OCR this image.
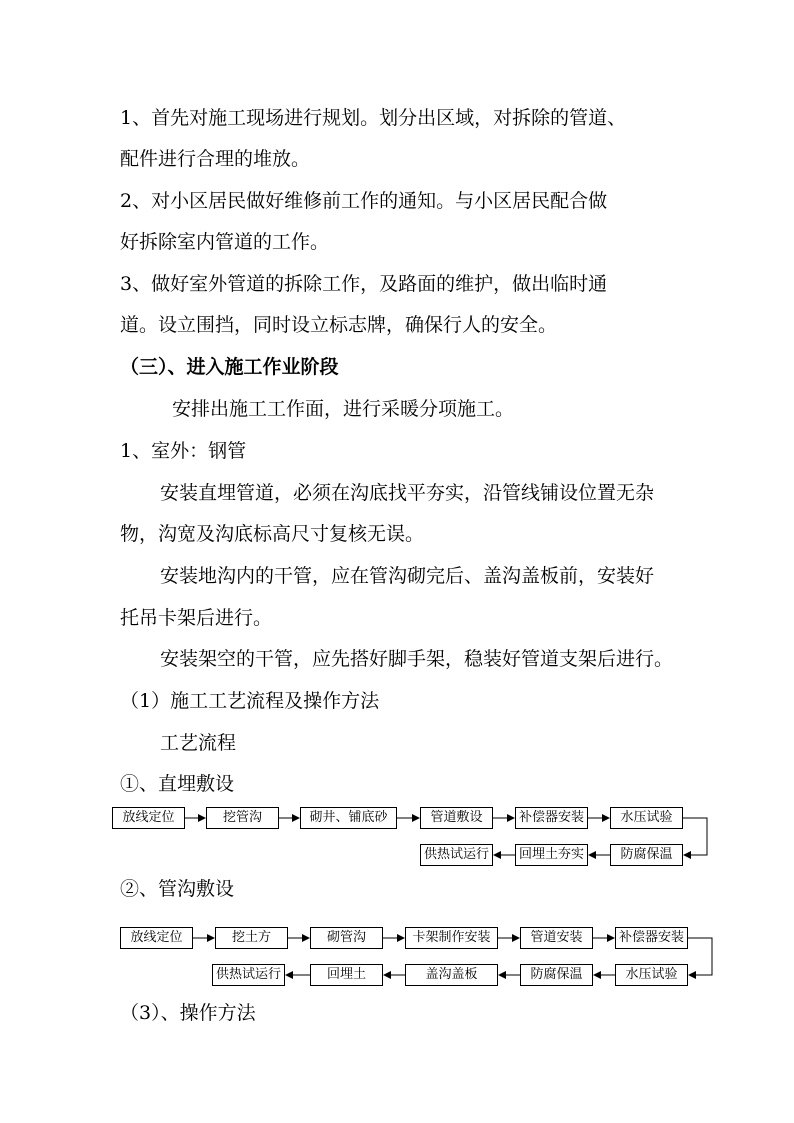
1、首先对施工现场进行规划。划分出区域，对拆除的管道、
配件进行合理的堆放。
2、对小区居民做好维修前工作的通知。与小区居民配合做
好拆除室内管道的工作。
3、做好室外管道的拆除工作，及路面的维护，做出临时通
道。设立围挡，同时设立标志牌，确保行人的安全。
（三）、进入施工作业阶段
安排出施工工作面，进行采暖分项施工。
1、室外：钢管
安装直埋管道，必须在沟底找平夯实，沿管线铺设位置无杂
物，沟宽及沟底标高尺寸复核无误。
安装地沟内的干管，应在管沟砌完后、盖沟盖板前，安装好
托吊卡架后进行。
安装架空的干管，应先搭好脚手架，稳装好管道支架后进行。
（1）施工工艺流程及操作方法
工艺流程
①、直埋敷设
②、管沟敷设
（3）、操作方法
放线定位	挖管沟	砌井、铺底砂	管道敷设	补偿器安装	水压试验
供热试运行	回埋土夯实	防腐保温
放线定位	挖土方	砌管沟	卡架制作安装	管道安装	补偿器安装
供热试运行	回埋土	盖沟盖板	防腐保温	水压试验
